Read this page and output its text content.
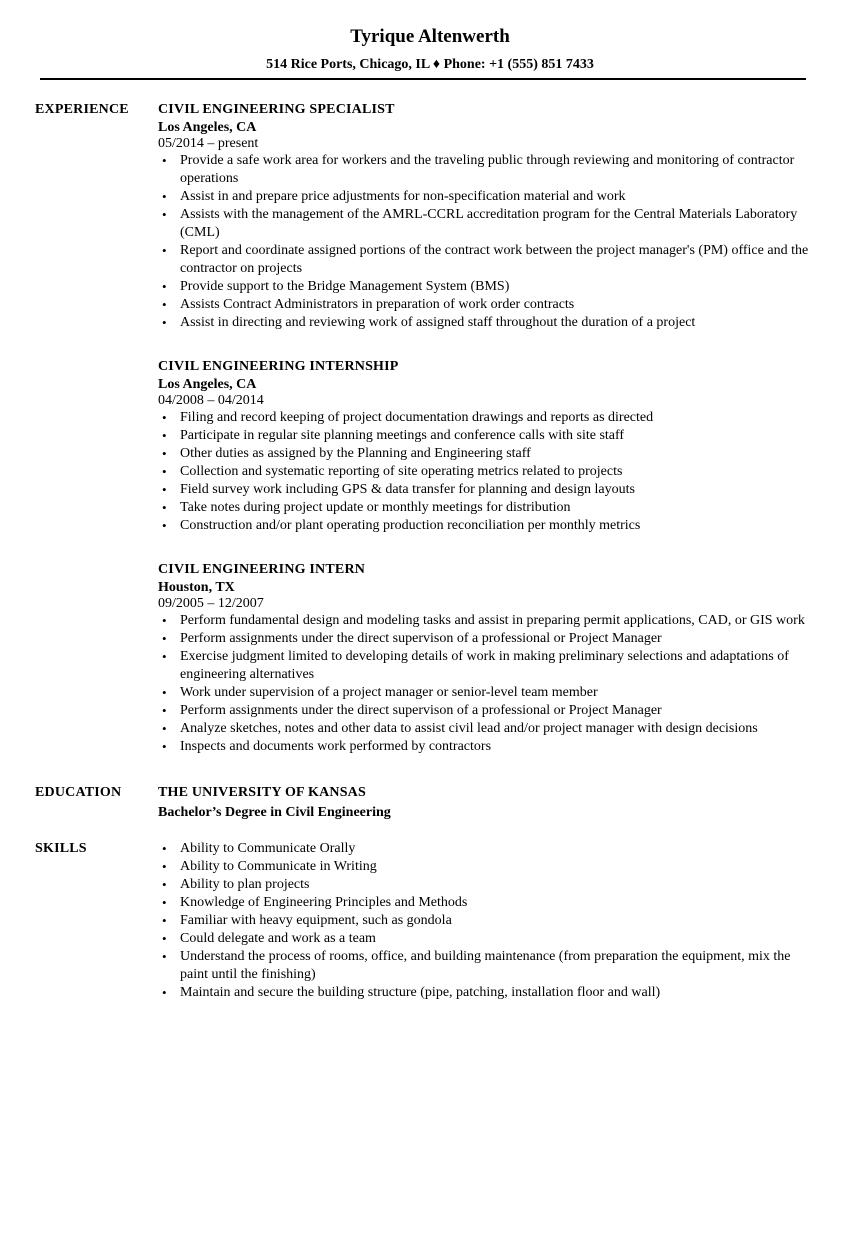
Tyrique Altenwerth
514 Rice Ports, Chicago, IL ♦ Phone: +1 (555) 851 7433
EXPERIENCE CIVIL ENGINEERING SPECIALIST
Los Angeles, CA
05/2014 – present
• Provide a safe work area for workers and the traveling public through reviewing and monitoring of contractor operations
• Assist in and prepare price adjustments for non-specification material and work
• Assists with the management of the AMRL-CCRL accreditation program for the Central Materials Laboratory (CML)
• Report and coordinate assigned portions of the contract work between the project manager's (PM) office and the contractor on projects
• Provide support to the Bridge Management System (BMS)
• Assists Contract Administrators in preparation of work order contracts
• Assist in directing and reviewing work of assigned staff throughout the duration of a project
CIVIL ENGINEERING INTERNSHIP
Los Angeles, CA
04/2008 – 04/2014
• Filing and record keeping of project documentation drawings and reports as directed
• Participate in regular site planning meetings and conference calls with site staff
• Other duties as assigned by the Planning and Engineering staff
• Collection and systematic reporting of site operating metrics related to projects
• Field survey work including GPS & data transfer for planning and design layouts
• Take notes during project update or monthly meetings for distribution
• Construction and/or plant operating production reconciliation per monthly metrics
CIVIL ENGINEERING INTERN
Houston, TX
09/2005 – 12/2007
• Perform fundamental design and modeling tasks and assist in preparing permit applications, CAD, or GIS work
• Perform assignments under the direct supervison of a professional or Project Manager
• Exercise judgment limited to developing details of work in making preliminary selections and adaptations of engineering alternatives
• Work under supervision of a project manager or senior-level team member
• Perform assignments under the direct supervison of a professional or Project Manager
• Analyze sketches, notes and other data to assist civil lead and/or project manager with design decisions
• Inspects and documents work performed by contractors
EDUCATION	THE UNIVERSITY OF KANSAS
Bachelor’s Degree in Civil Engineering
SKILLS
•	Ability to Communicate Orally
• Ability to Communicate in Writing
• Ability to plan projects
• Knowledge of Engineering Principles and Methods
• Familiar with heavy equipment, such as gondola
• Could delegate and work as a team
• Understand the process of rooms, office, and building maintenance (from preparation the equipment, mix the paint until the finishing)
• Maintain and secure the building structure (pipe, patching, installation floor and wall)
